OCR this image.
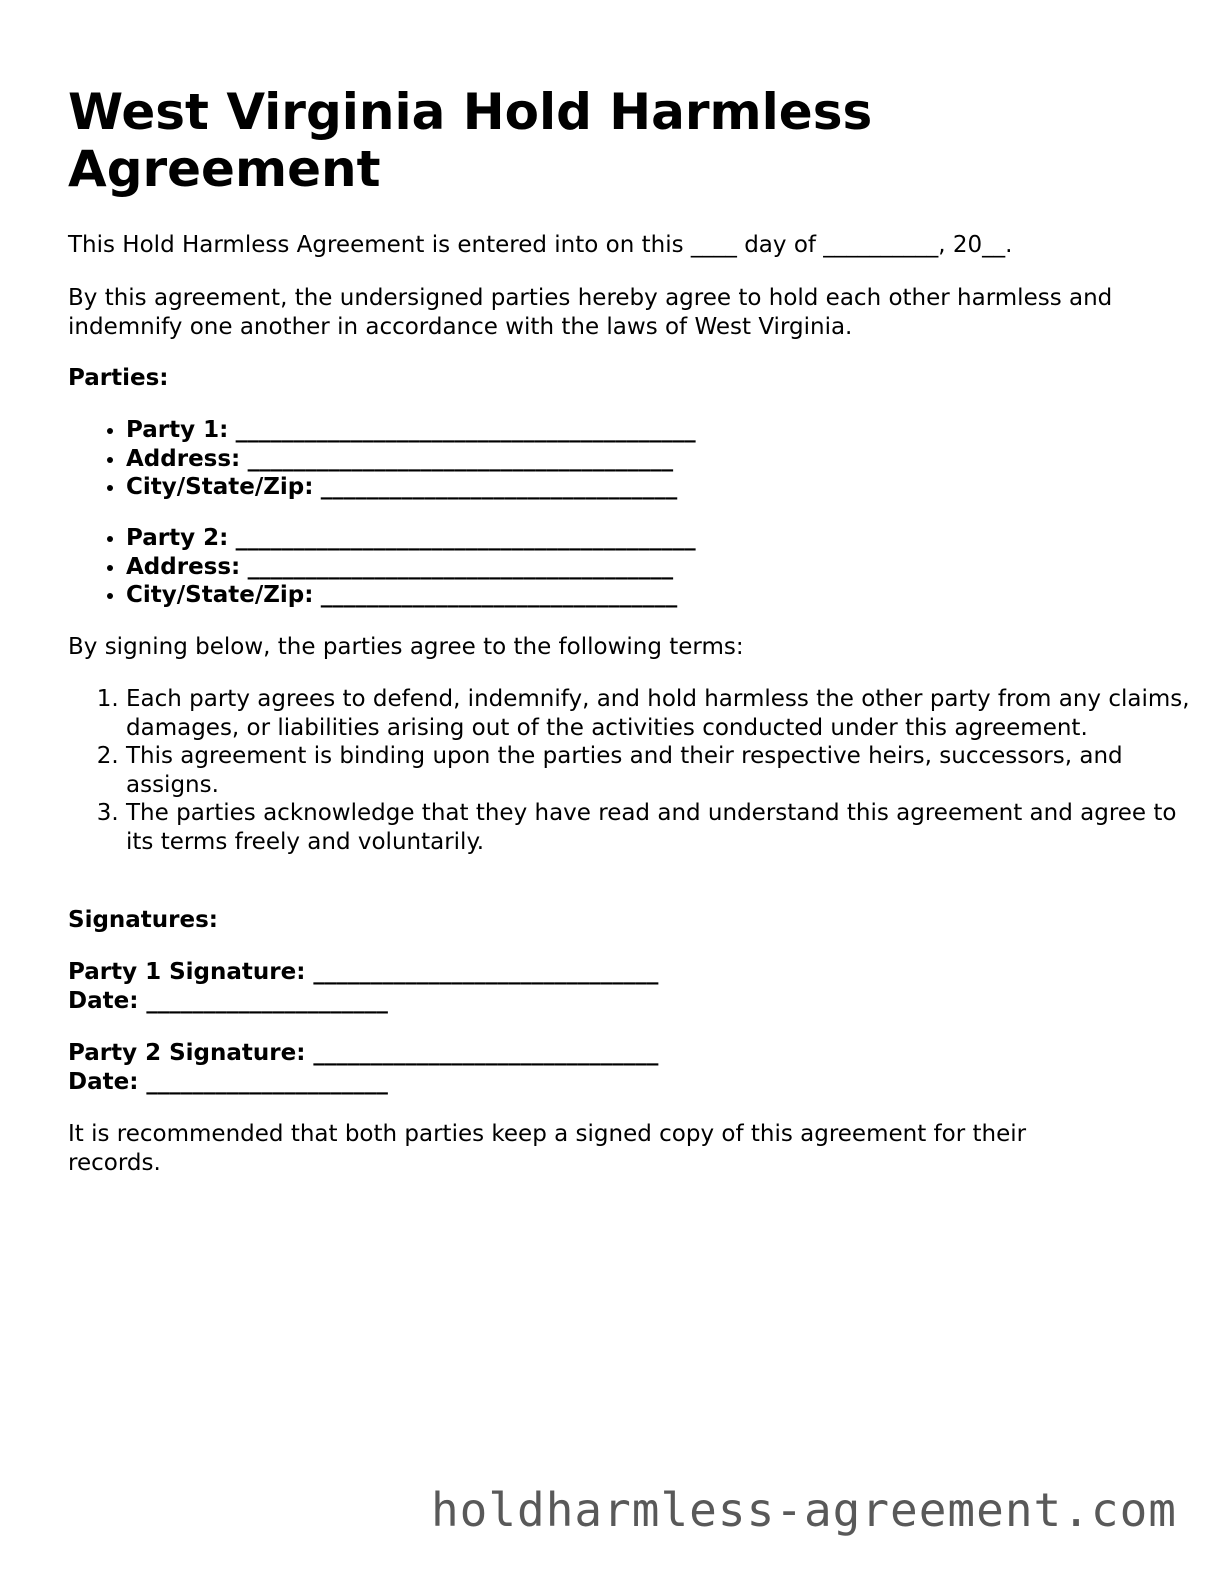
West Virginia Hold Harmless Agreement

This Hold Harmless Agreement is entered into on this ____ day of __________, 20__.

By this agreement, the undersigned parties hereby agree to hold each other harmless and indemnify one another in accordance with the laws of West Virginia.

Parties:

• Party 1: ________________________________________
• Address: _____________________________________
• City/State/Zip: _______________________________
• Party 2: ________________________________________
• Address: _____________________________________
• City/State/Zip: _______________________________

By signing below, the parties agree to the following terms:

1. Each party agrees to defend, indemnify, and hold harmless the other party from any claims, damages, or liabilities arising out of the activities conducted under this agreement.
2. This agreement is binding upon the parties and their respective heirs, successors, and assigns.
3. The parties acknowledge that they have read and understand this agreement and agree to its terms freely and voluntarily.

Signatures:

Party 1 Signature: ______________________________
Date: _____________________
Party 2 Signature: ______________________________
Date: _____________________

It is recommended that both parties keep a signed copy of this agreement for their records.

holdharmless-agreement.com
